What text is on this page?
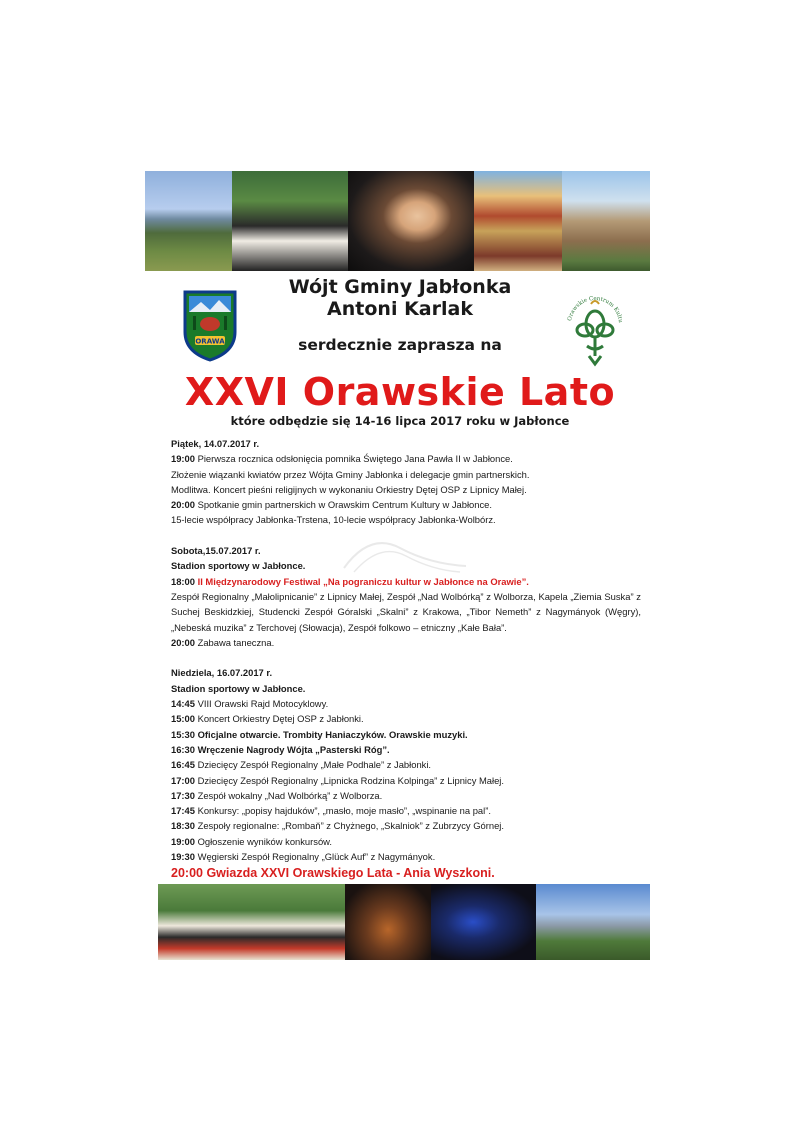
ORAWA
Orawskie Centrum Kultu
Wójt Gminy Jabłonka
Antoni Karlak
serdecznie zaprasza na
XXVI Orawskie Lato
które odbędzie się 14-16 lipca 2017 roku w Jabłonce
Piątek, 14.07.2017 r.
19:00 Pierwsza rocznica odsłonięcia pomnika Świętego Jana Pawła II w Jabłonce.
Złożenie wiązanki kwiatów przez Wójta Gminy Jabłonka i delegacje gmin partnerskich.
Modlitwa. Koncert pieśni religijnych w wykonaniu Orkiestry Dętej OSP z Lipnicy Małej.
20:00 Spotkanie gmin partnerskich w Orawskim Centrum Kultury w Jabłonce.
15-lecie współpracy Jabłonka-Trstena, 10-lecie współpracy Jabłonka-Wolbórz.
Sobota,15.07.2017 r.
Stadion sportowy w Jabłonce.
18:00 II Międzynarodowy Festiwal „Na pograniczu kultur w Jabłonce na Orawie”.
Zespół Regionalny „Małolipnicanie” z Lipnicy Małej, Zespół „Nad Wolbórką” z Wolborza, Kapela „Ziemia Suska” z Suchej Beskidzkiej, Studencki Zespół Góralski „Skalni” z Krakowa, „Tibor Nemeth” z Nagymányok (Węgry), „Nebeská muzika” z Terchovej (Słowacja), Zespół folkowo – etniczny „Kałe Bała”.
20:00 Zabawa taneczna.
Niedziela, 16.07.2017 r.
Stadion sportowy w Jabłonce.
14:45 VIII Orawski Rajd Motocyklowy.
15:00 Koncert Orkiestry Dętej OSP z Jabłonki.
15:30 Oficjalne otwarcie. Trombity Haniaczyków. Orawskie muzyki.
16:30 Wręczenie Nagrody Wójta „Pasterski Róg”.
16:45 Dziecięcy Zespół Regionalny „Małe Podhale” z Jabłonki.
17:00 Dziecięcy Zespół Regionalny „Lipnicka Rodzina Kolpinga” z Lipnicy Małej.
17:30 Zespół wokalny „Nad Wolbórką” z Wolborza.
17:45 Konkursy: „popisy hajduków”, „masło, moje masło”, „wspinanie na pal”.
18:30 Zespoły regionalne: „Rombaň” z Chyżnego, „Skalniok” z Zubrzycy Górnej.
19:00 Ogłoszenie wyników konkursów.
19:30 Węgierski Zespół Regionalny „Glück Auf” z Nagymányok.
20:00 Gwiazda XXVI Orawskiego Lata - Ania Wyszkoni.
